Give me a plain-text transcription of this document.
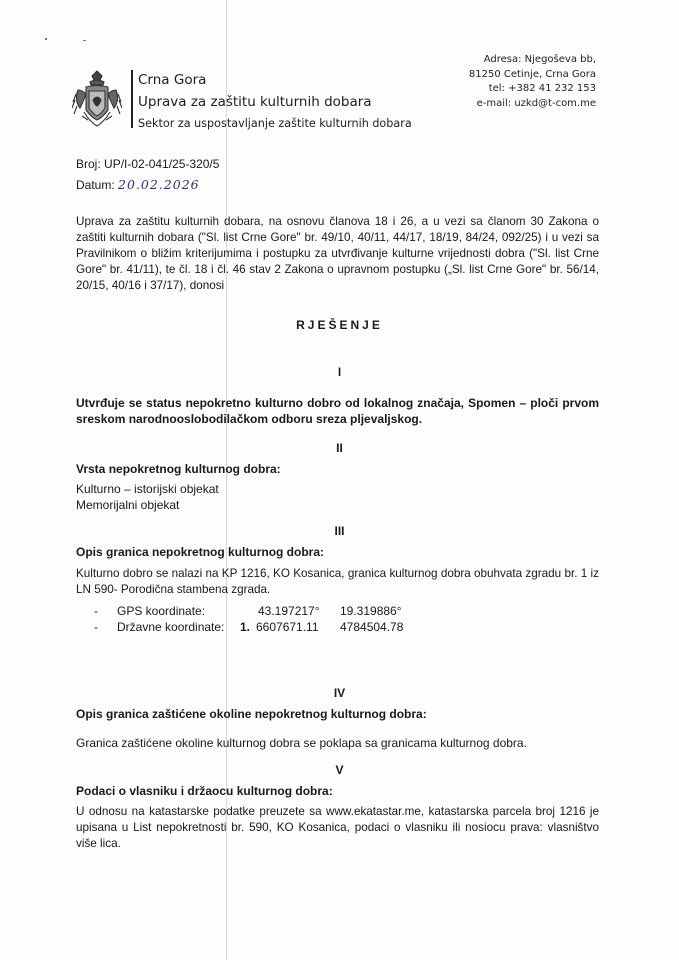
Crna Gora
Uprava za zaštitu kulturnih dobara
Sektor za uspostavljanje zaštite kulturnih dobara
Adresa: Njegoševa bb,
81250 Cetinje, Crna Gora
tel: +382 41 232 153
e-mail: uzkd@t-com.me
Broj: UP/I-02-041/25-320/5
Datum: 20.02.2026
Uprava za zaštitu kulturnih dobara, na osnovu članova 18 i 26, a u vezi sa članom 30 Zakona o zaštiti kulturnih dobara ("Sl. list Crne Gore" br. 49/10, 40/11, 44/17, 18/19, 84/24, 092/25) i u vezi sa Pravilnikom o bližim kriterijumima i postupku za utvrđivanje kulturne vrijednosti dobra ("Sl. list Crne Gore" br. 41/11), te čl. 18 i čl. 46 stav 2 Zakona o upravnom postupku („Sl. list Crne Gore" br. 56/14, 20/15, 40/16 i 37/17), donosi
RJEŠENJE
I
Utvrđuje se status nepokretno kulturno dobro od lokalnog značaja, Spomen – ploči prvom sreskom narodnooslobodilačkom odboru sreza pljevaljskog.
II
Vrsta nepokretnog kulturnog dobra:
Kulturno – istorijski objekat
Memorijalni objekat
III
Opis granica nepokretnog kulturnog dobra:
Kulturno dobro se nalazi na KP 1216, KO Kosanica, granica kulturnog dobra obuhvata zgradu br. 1 iz LN 590- Porodična stambena zgrada.
- GPS koordinate:	43.197217° 19.319886°
- Državne koordinate: 1. 6607671.11 4784504.78
IV
Opis granica zaštićene okoline nepokretnog kulturnog dobra:
Granica zaštićene okoline kulturnog dobra se poklapa sa granicama kulturnog dobra.
V
Podaci o vlasniku i držaocu kulturnog dobra:
U odnosu na katastarske podatke preuzete sa www.ekatastar.me, katastarska parcela broj 1216 je upisana u List nepokretnosti br. 590, KO Kosanica, podaci o vlasniku ili nosiocu prava: vlasništvo više lica.
